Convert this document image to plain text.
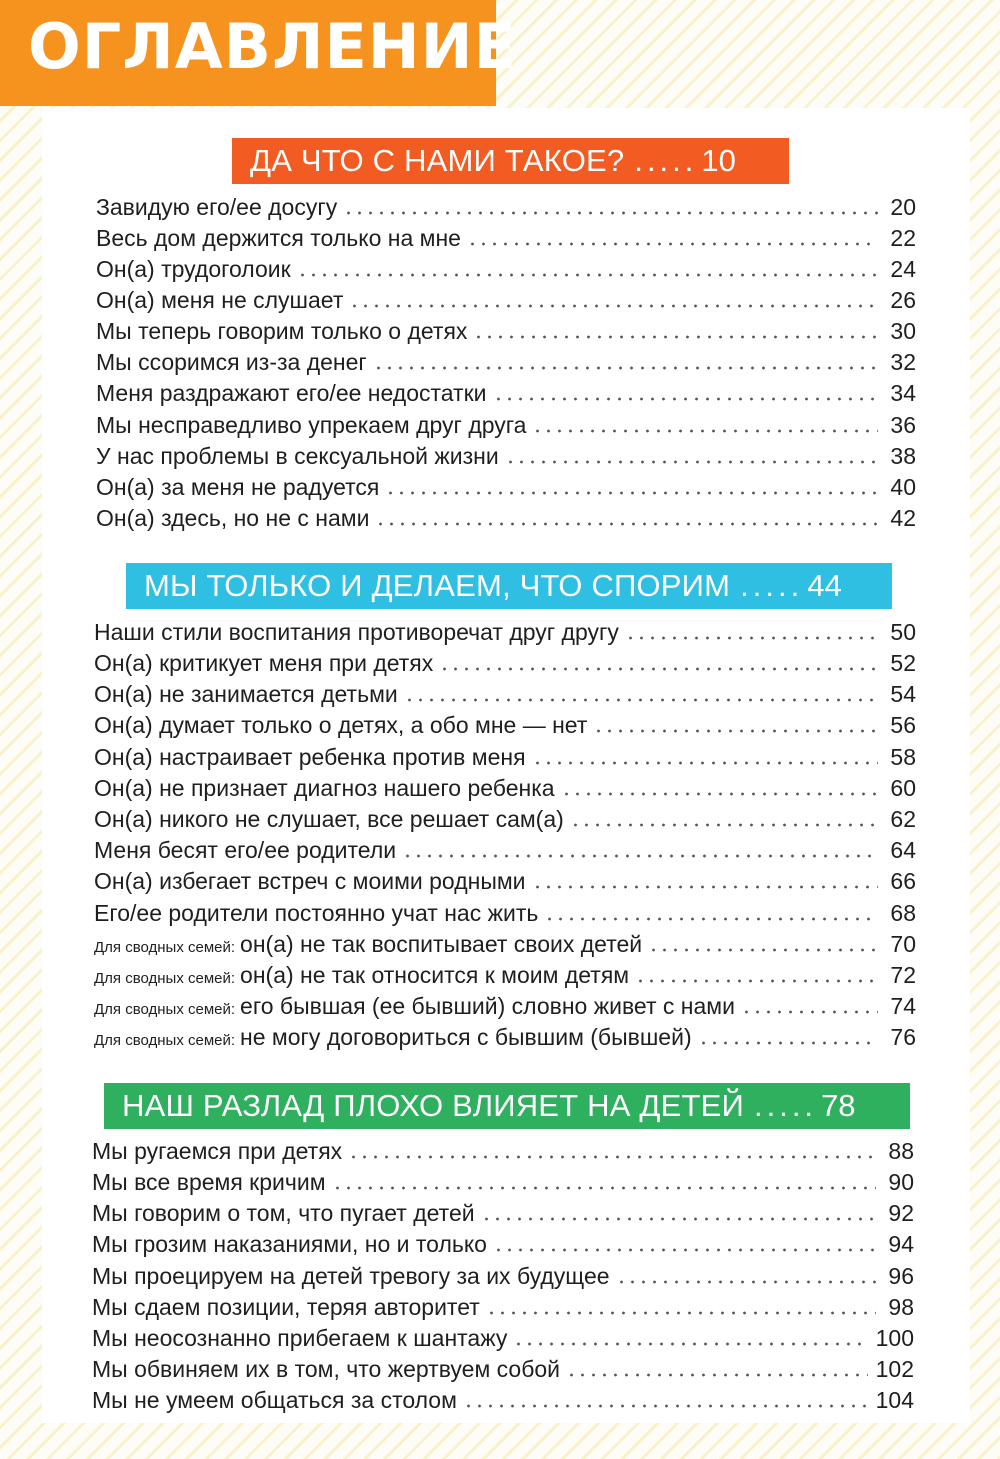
ОГЛАВЛЕНИЕ
ДА ЧТО С НАМИ ТАКОЕ? ..... 10
Завидую его/ее досугу	20
Весь дом держится только на мне	22
Он(а) трудоголоик	24
Он(а) меня не слушает	26
Мы теперь говорим только о детях	30
Мы ссоримся из-за денег	32
Меня раздражают его/ее недостатки	34
Мы несправедливо упрекаем друг друга	36
У нас проблемы в сексуальной жизни	38
Он(а) за меня не радуется	40
Он(а) здесь, но не с нами	42
МЫ ТОЛЬКО И ДЕЛАЕМ, ЧТО СПОРИМ ..... 44
Наши стили воспитания противоречат друг другу	50
Он(а) критикует меня при детях	52
Он(а) не занимается детьми	54
Он(а) думает только о детях, а обо мне — нет	56
Он(а) настраивает ребенка против меня	58
Он(а) не признает диагноз нашего ребенка	60
Он(а) никого не слушает, все решает сам(а)	62
Меня бесят его/ее родители	64
Он(а) избегает встреч с моими родными	66
Его/ее родители постоянно учат нас жить	68
Для сводных семей: он(а) не так воспитывает своих детей	70
Для сводных семей: он(а) не так относится к моим детям	72
Для сводных семей: его бывшая (ее бывший) словно живет с нами	74
Для сводных семей: не могу договориться с бывшим (бывшей)	76
НАШ РАЗЛАД ПЛОХО ВЛИЯЕТ НА ДЕТЕЙ ..... 78
Мы ругаемся при детях	88
Мы все время кричим	90
Мы говорим о том, что пугает детей	92
Мы грозим наказаниями, но и только	94
Мы проецируем на детей тревогу за их будущее	96
Мы сдаем позиции, теряя авторитет	98
Мы неосознанно прибегаем к шантажу	100
Мы обвиняем их в том, что жертвуем собой	102
Мы не умеем общаться за столом	104
